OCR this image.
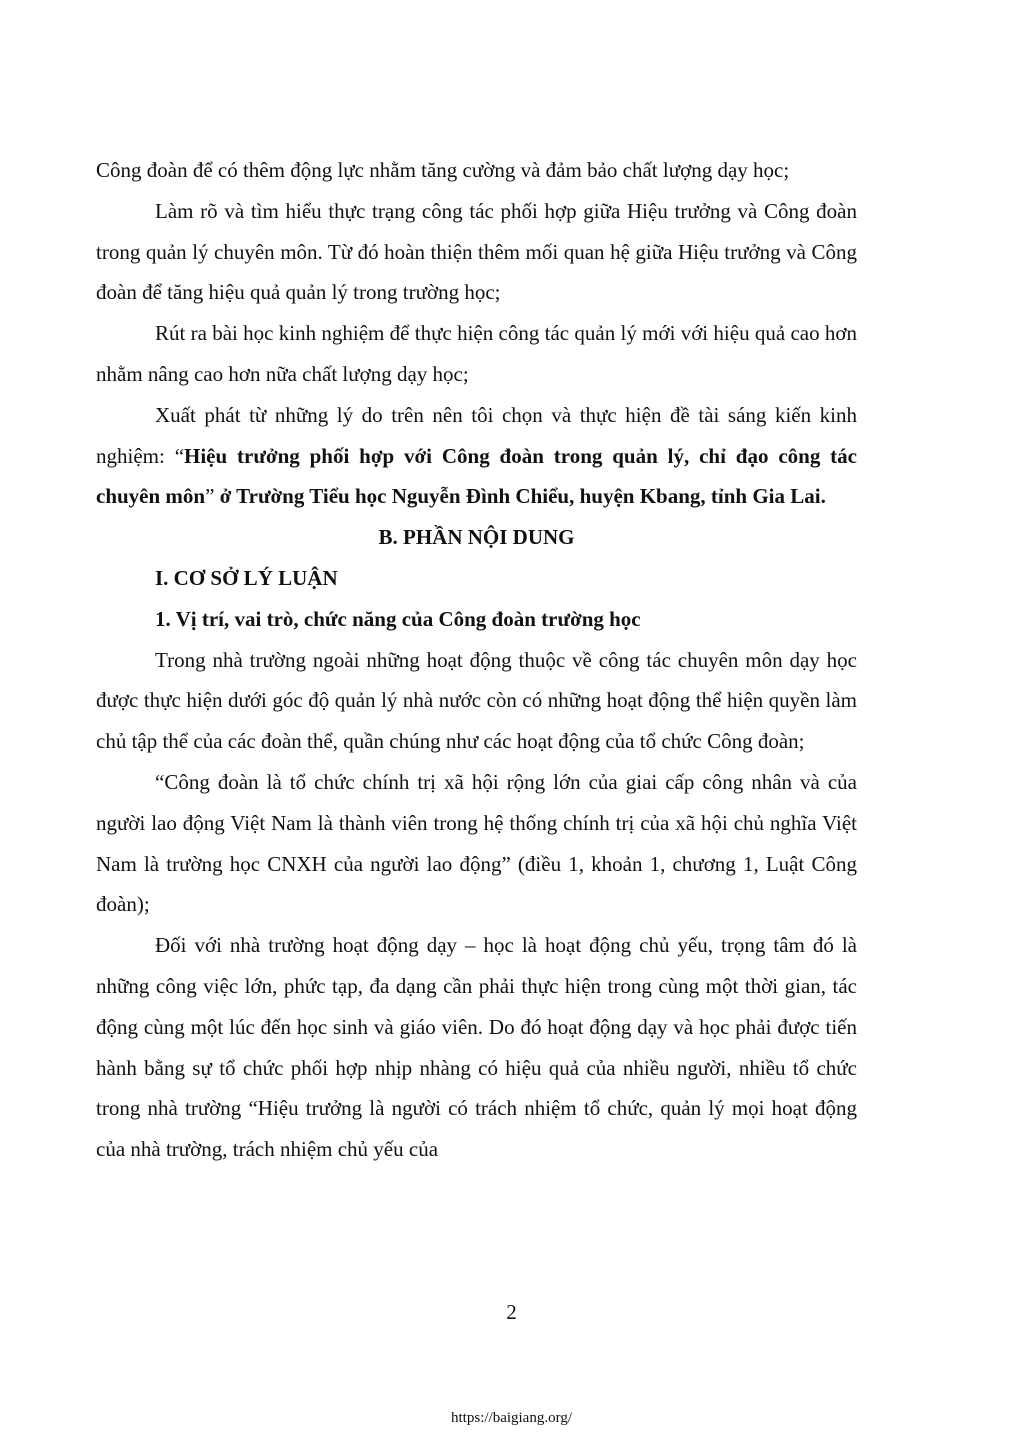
Công đoàn để có thêm động lực nhằm tăng cường và đảm bảo chất lượng dạy học;

Làm rõ và tìm hiểu thực trạng công tác phối hợp giữa Hiệu trưởng và Công đoàn trong quản lý chuyên môn. Từ đó hoàn thiện thêm mối quan hệ giữa Hiệu trưởng và Công đoàn để tăng hiệu quả quản lý trong trường học;

Rút ra bài học kinh nghiệm để thực hiện công tác quản lý mới với hiệu quả cao hơn nhằm nâng cao hơn nữa chất lượng dạy học;

Xuất phát từ những lý do trên nên tôi chọn và thực hiện đề tài sáng kiến kinh nghiệm: “Hiệu trưởng phối hợp với Công đoàn trong quản lý, chỉ đạo công tác chuyên môn” ở Trường Tiểu học Nguyễn Đình Chiểu, huyện Kbang, tỉnh Gia Lai.

B. PHẦN NỘI DUNG

I. CƠ SỞ LÝ LUẬN

1. Vị trí, vai trò, chức năng của Công đoàn trường học

Trong nhà trường ngoài những hoạt động thuộc về công tác chuyên môn dạy học được thực hiện dưới góc độ quản lý nhà nước còn có những hoạt động thể hiện quyền làm chủ tập thể của các đoàn thể, quần chúng như các hoạt động của tổ chức Công đoàn;

“Công đoàn là tổ chức chính trị xã hội rộng lớn của giai cấp công nhân và của người lao động Việt Nam là thành viên trong hệ thống chính trị của xã hội chủ nghĩa Việt Nam là trường học CNXH của người lao động” (điều 1, khoản 1, chương 1, Luật Công đoàn);

Đối với nhà trường hoạt động dạy – học là hoạt động chủ yếu, trọng tâm đó là những công việc lớn, phức tạp, đa dạng cần phải thực hiện trong cùng một thời gian, tác động cùng một lúc đến học sinh và giáo viên. Do đó hoạt động dạy và học phải được tiến hành bằng sự tổ chức phối hợp nhịp nhàng có hiệu quả của nhiều người, nhiều tổ chức trong nhà trường “Hiệu trưởng là người có trách nhiệm tổ chức, quản lý mọi hoạt động của nhà trường, trách nhiệm chủ yếu của

2
https://baigiang.org/
